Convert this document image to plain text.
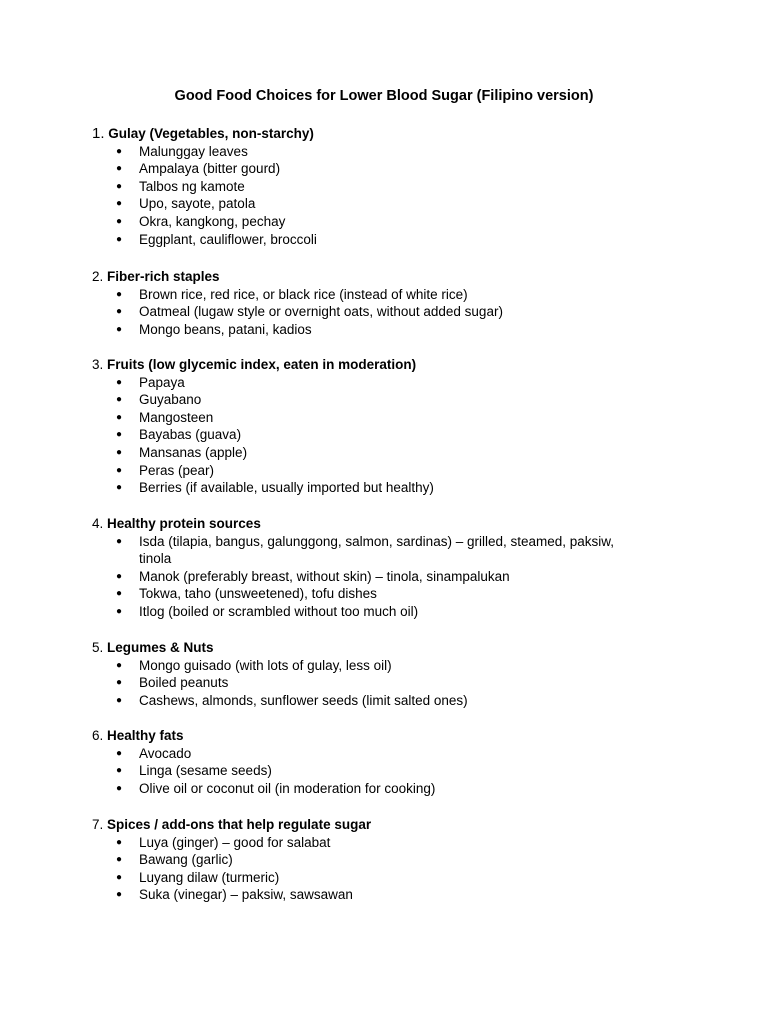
Good Food Choices for Lower Blood Sugar (Filipino version)
1. Gulay (Vegetables, non-starchy)
● Malunggay leaves
● Ampalaya (bitter gourd)
● Talbos ng kamote
● Upo, sayote, patola
● Okra, kangkong, pechay
● Eggplant, cauliflower, broccoli
2. Fiber-rich staples
● Brown rice, red rice, or black rice (instead of white rice)
● Oatmeal (lugaw style or overnight oats, without added sugar)
● Mongo beans, patani, kadios
3. Fruits (low glycemic index, eaten in moderation)
● Papaya
● Guyabano
● Mangosteen
● Bayabas (guava)
● Mansanas (apple)
● Peras (pear)
● Berries (if available, usually imported but healthy)
4. Healthy protein sources
● Isda (tilapia, bangus, galunggong, salmon, sardinas) – grilled, steamed, paksiw, tinola
● Manok (preferably breast, without skin) – tinola, sinampalukan
● Tokwa, taho (unsweetened), tofu dishes
● Itlog (boiled or scrambled without too much oil)
5. Legumes & Nuts
● Mongo guisado (with lots of gulay, less oil)
● Boiled peanuts
● Cashews, almonds, sunflower seeds (limit salted ones)
6. Healthy fats
● Avocado
● Linga (sesame seeds)
● Olive oil or coconut oil (in moderation for cooking)
7. Spices / add-ons that help regulate sugar
● Luya (ginger) – good for salabat
● Bawang (garlic)
● Luyang dilaw (turmeric)
● Suka (vinegar) – paksiw, sawsawan
